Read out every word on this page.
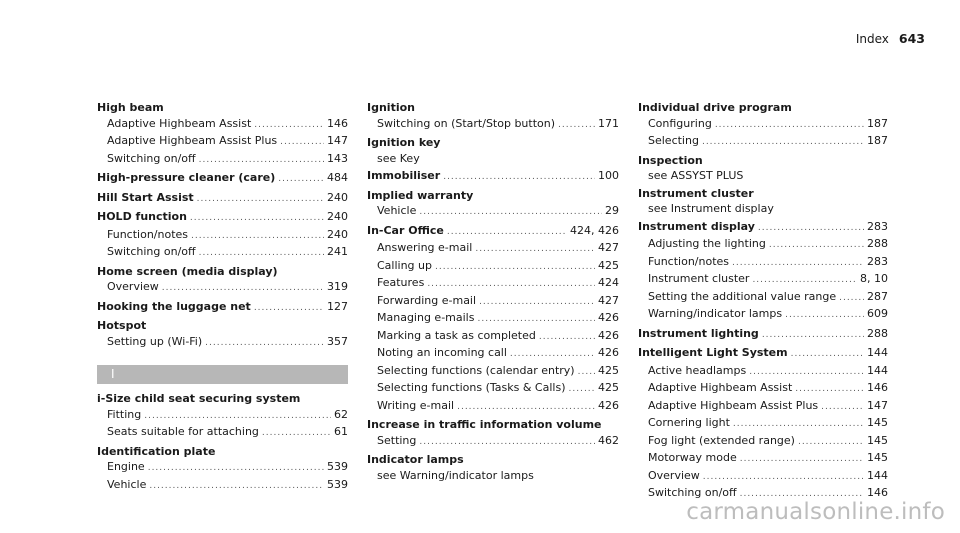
Index 643
High beam
Adaptive Highbeam Assist .....	146
Adaptive Highbeam Assist Plus .....	147
Switching on/off .....	143
High-pressure cleaner (care) .....	484
Hill Start Assist .....	240
HOLD function .....	240
Function/notes .....	240
Switching on/off .....	241
Home screen (media display)
Overview .....	319
Hooking the luggage net .....	127
Hotspot
Setting up (Wi-Fi) .....	357
I
i-Size child seat securing system
Fitting .....	62
Seats suitable for attaching .....	61
Identification plate
Engine .....	539
Vehicle .....	539
Ignition
Switching on (Start/Stop button) .....	171
Ignition key
see Key
Immobiliser .....	100
Implied warranty
Vehicle .....	29
In-Car Office .....	424, 426
Answering e-mail .....	427
Calling up .....	425
Features .....	424
Forwarding e-mail .....	427
Managing e-mails .....	426
Marking a task as completed .....	426
Noting an incoming call .....	426
Selecting functions (calendar entry) ..... 425
Selecting functions (Tasks & Calls) .....	425
Writing e-mail .....	426
Increase in traffic information volume
Setting .....	462
Indicator lamps
see Warning/indicator lamps
Individual drive program
Configuring .....	187
Selecting .....	187
Inspection
see ASSYST PLUS
Instrument cluster
see Instrument display
Instrument display .....	283
Adjusting the lighting .....	288
Function/notes .....	283
Instrument cluster .....	8, 10
Setting the additional value range .....	287
Warning/indicator lamps .....	609
Instrument lighting .....	288
Intelligent Light System .....	144
Active headlamps .....	144
Adaptive Highbeam Assist .....	146
Adaptive Highbeam Assist Plus .....	147
Cornering light .....	145
Fog light (extended range) .....	145
Motorway mode .....	145
Overview .....	144
Switching on/off .....	146
carmanualsonline.info
